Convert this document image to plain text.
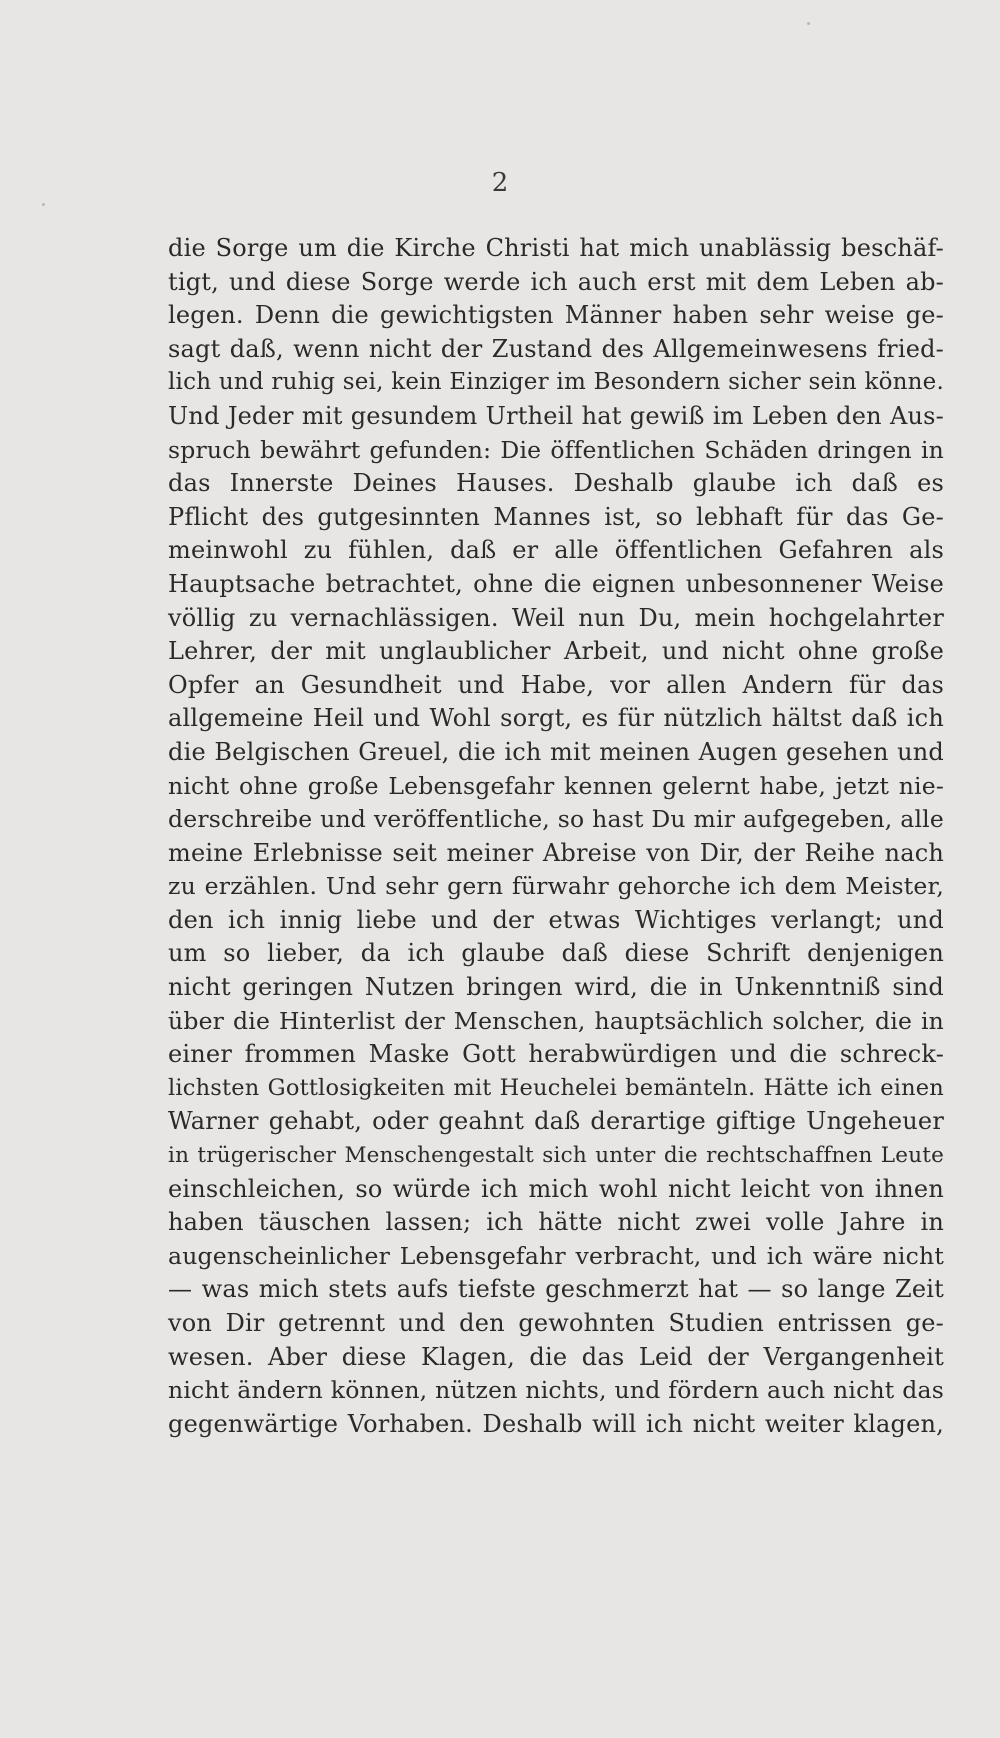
2
die Sorge um die Kirche Christi hat mich unablässig beschäf-
tigt, und diese Sorge werde ich auch erst mit dem Leben ab-
legen. Denn die gewichtigsten Männer haben sehr weise ge-
sagt daß, wenn nicht der Zustand des Allgemeinwesens fried-
lich und ruhig sei, kein Einziger im Besondern sicher sein könne.
Und Jeder mit gesundem Urtheil hat gewiß im Leben den Aus-
spruch bewährt gefunden: Die öffentlichen Schäden dringen in
das Innerste Deines Hauses. Deshalb glaube ich daß es
Pflicht des gutgesinnten Mannes ist, so lebhaft für das Ge-
meinwohl zu fühlen, daß er alle öffentlichen Gefahren als
Hauptsache betrachtet, ohne die eignen unbesonnener Weise
völlig zu vernachlässigen. Weil nun Du, mein hochgelahrter
Lehrer, der mit unglaublicher Arbeit, und nicht ohne große
Opfer an Gesundheit und Habe, vor allen Andern für das
allgemeine Heil und Wohl sorgt, es für nützlich hältst daß ich
die Belgischen Greuel, die ich mit meinen Augen gesehen und
nicht ohne große Lebensgefahr kennen gelernt habe, jetzt nie-
derschreibe und veröffentliche, so hast Du mir aufgegeben, alle
meine Erlebnisse seit meiner Abreise von Dir, der Reihe nach
zu erzählen. Und sehr gern fürwahr gehorche ich dem Meister,
den ich innig liebe und der etwas Wichtiges verlangt; und
um so lieber, da ich glaube daß diese Schrift denjenigen
nicht geringen Nutzen bringen wird, die in Unkenntniß sind
über die Hinterlist der Menschen, hauptsächlich solcher, die in
einer frommen Maske Gott herabwürdigen und die schreck-
lichsten Gottlosigkeiten mit Heuchelei bemänteln. Hätte ich einen
Warner gehabt, oder geahnt daß derartige giftige Ungeheuer
in trügerischer Menschengestalt sich unter die rechtschaffnen Leute
einschleichen, so würde ich mich wohl nicht leicht von ihnen
haben täuschen lassen; ich hätte nicht zwei volle Jahre in
augenscheinlicher Lebensgefahr verbracht, und ich wäre nicht
— was mich stets aufs tiefste geschmerzt hat — so lange Zeit
von Dir getrennt und den gewohnten Studien entrissen ge-
wesen. Aber diese Klagen, die das Leid der Vergangenheit
nicht ändern können, nützen nichts, und fördern auch nicht das
gegenwärtige Vorhaben. Deshalb will ich nicht weiter klagen,
